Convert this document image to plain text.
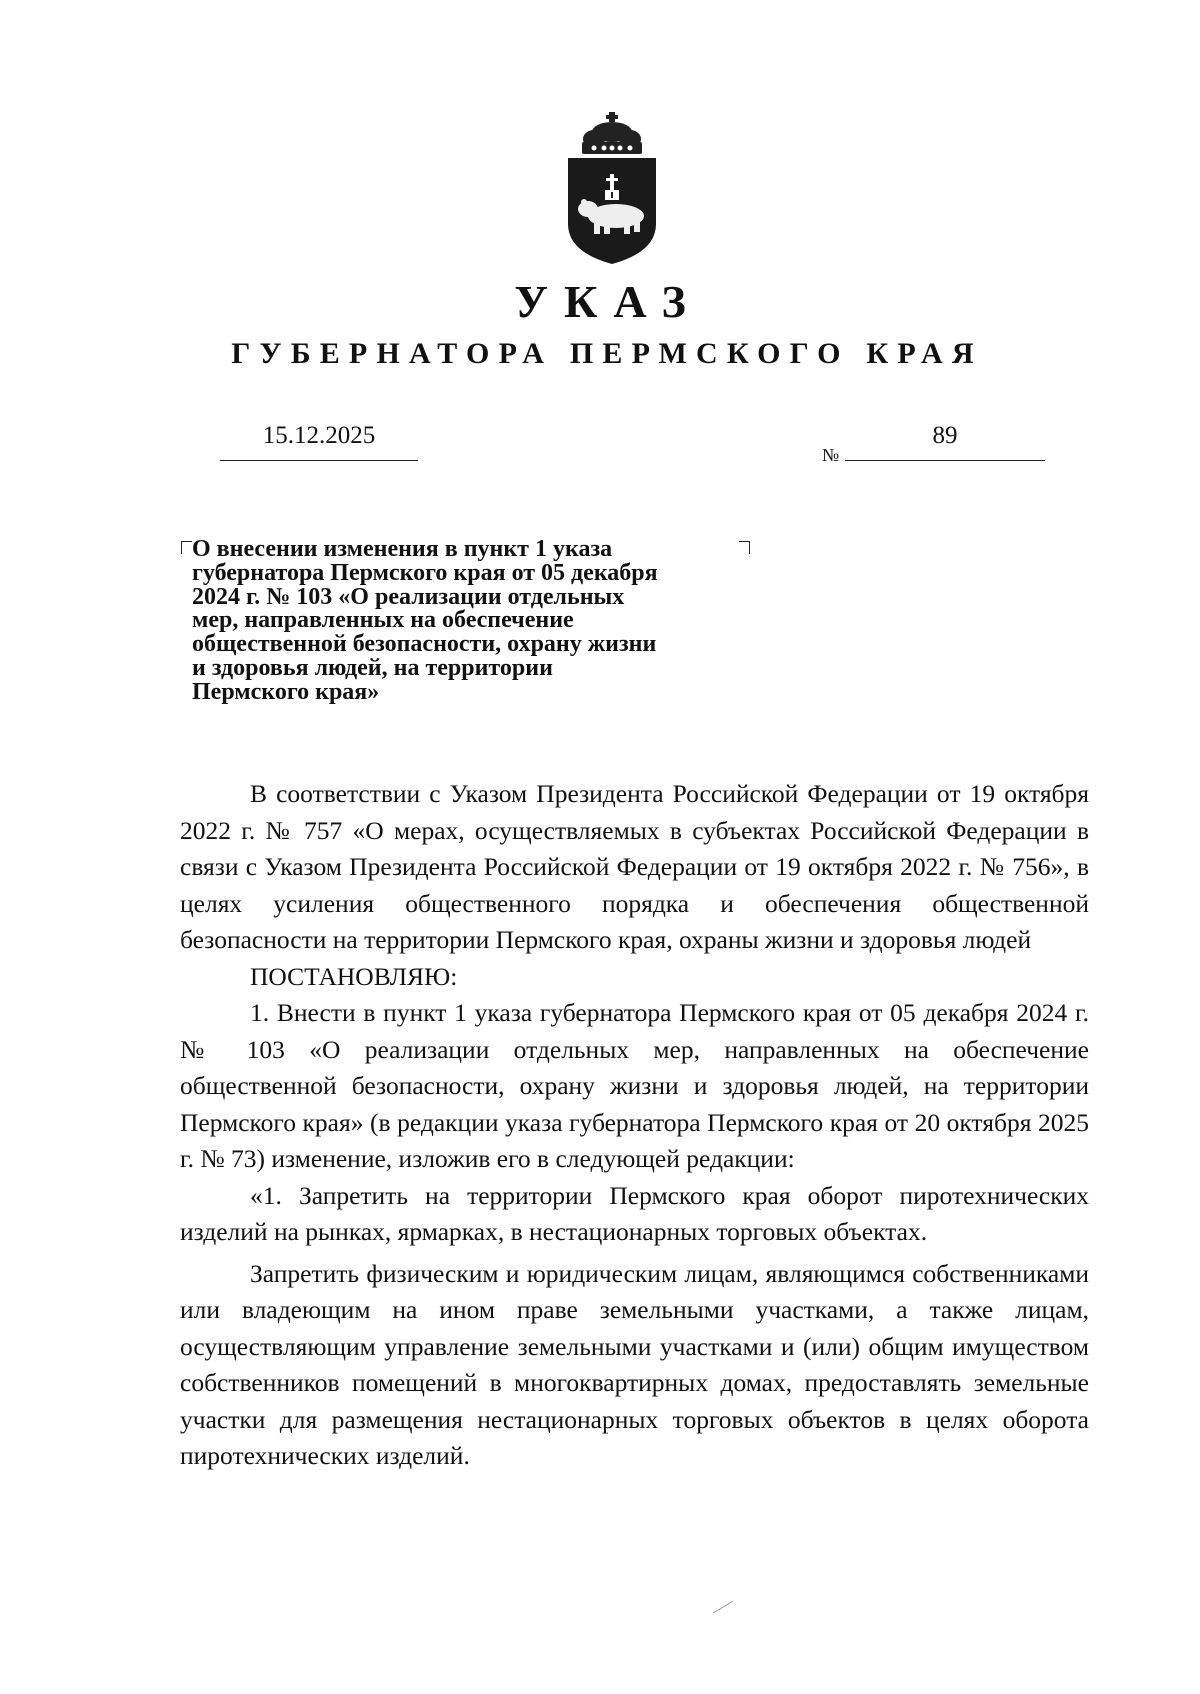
УКАЗ
ГУБЕРНАТОРА ПЕРМСКОГО КРАЯ
15.12.2025
№
89
О внесении изменения в пункт 1 указа
губернатора Пермского края от 05 декабря
2024 г. № 103 «О реализации отдельных
мер, направленных на обеспечение
общественной безопасности, охрану жизни
и здоровья людей, на территории
Пермского края»

В соответствии с Указом Президента Российской Федерации от 19 октября 2022 г. № 757 «О мерах, осуществляемых в субъектах Российской Федерации в связи с Указом Президента Российской Федерации от 19 октября 2022 г. № 756», в целях усиления общественного порядка и обеспечения общественной безопасности на территории Пермского края, охраны жизни и здоровья людей

ПОСТАНОВЛЯЮ:

1. Внести в пункт 1 указа губернатора Пермского края от 05 декабря 2024 г. № 103 «О реализации отдельных мер, направленных на обеспечение общественной безопасности, охрану жизни и здоровья людей, на территории Пермского края» (в редакции указа губернатора Пермского края от 20 октября 2025 г. № 73) изменение, изложив его в следующей редакции:

«1. Запретить на территории Пермского края оборот пиротехнических изделий на рынках, ярмарках, в нестационарных торговых объектах.

Запретить физическим и юридическим лицам, являющимся собственниками или владеющим на ином праве земельными участками, а также лицам, осуществляющим управление земельными участками и (или) общим имуществом собственников помещений в многоквартирных домах, предоставлять земельные участки для размещения нестационарных торговых объектов в целях оборота пиротехнических изделий.
